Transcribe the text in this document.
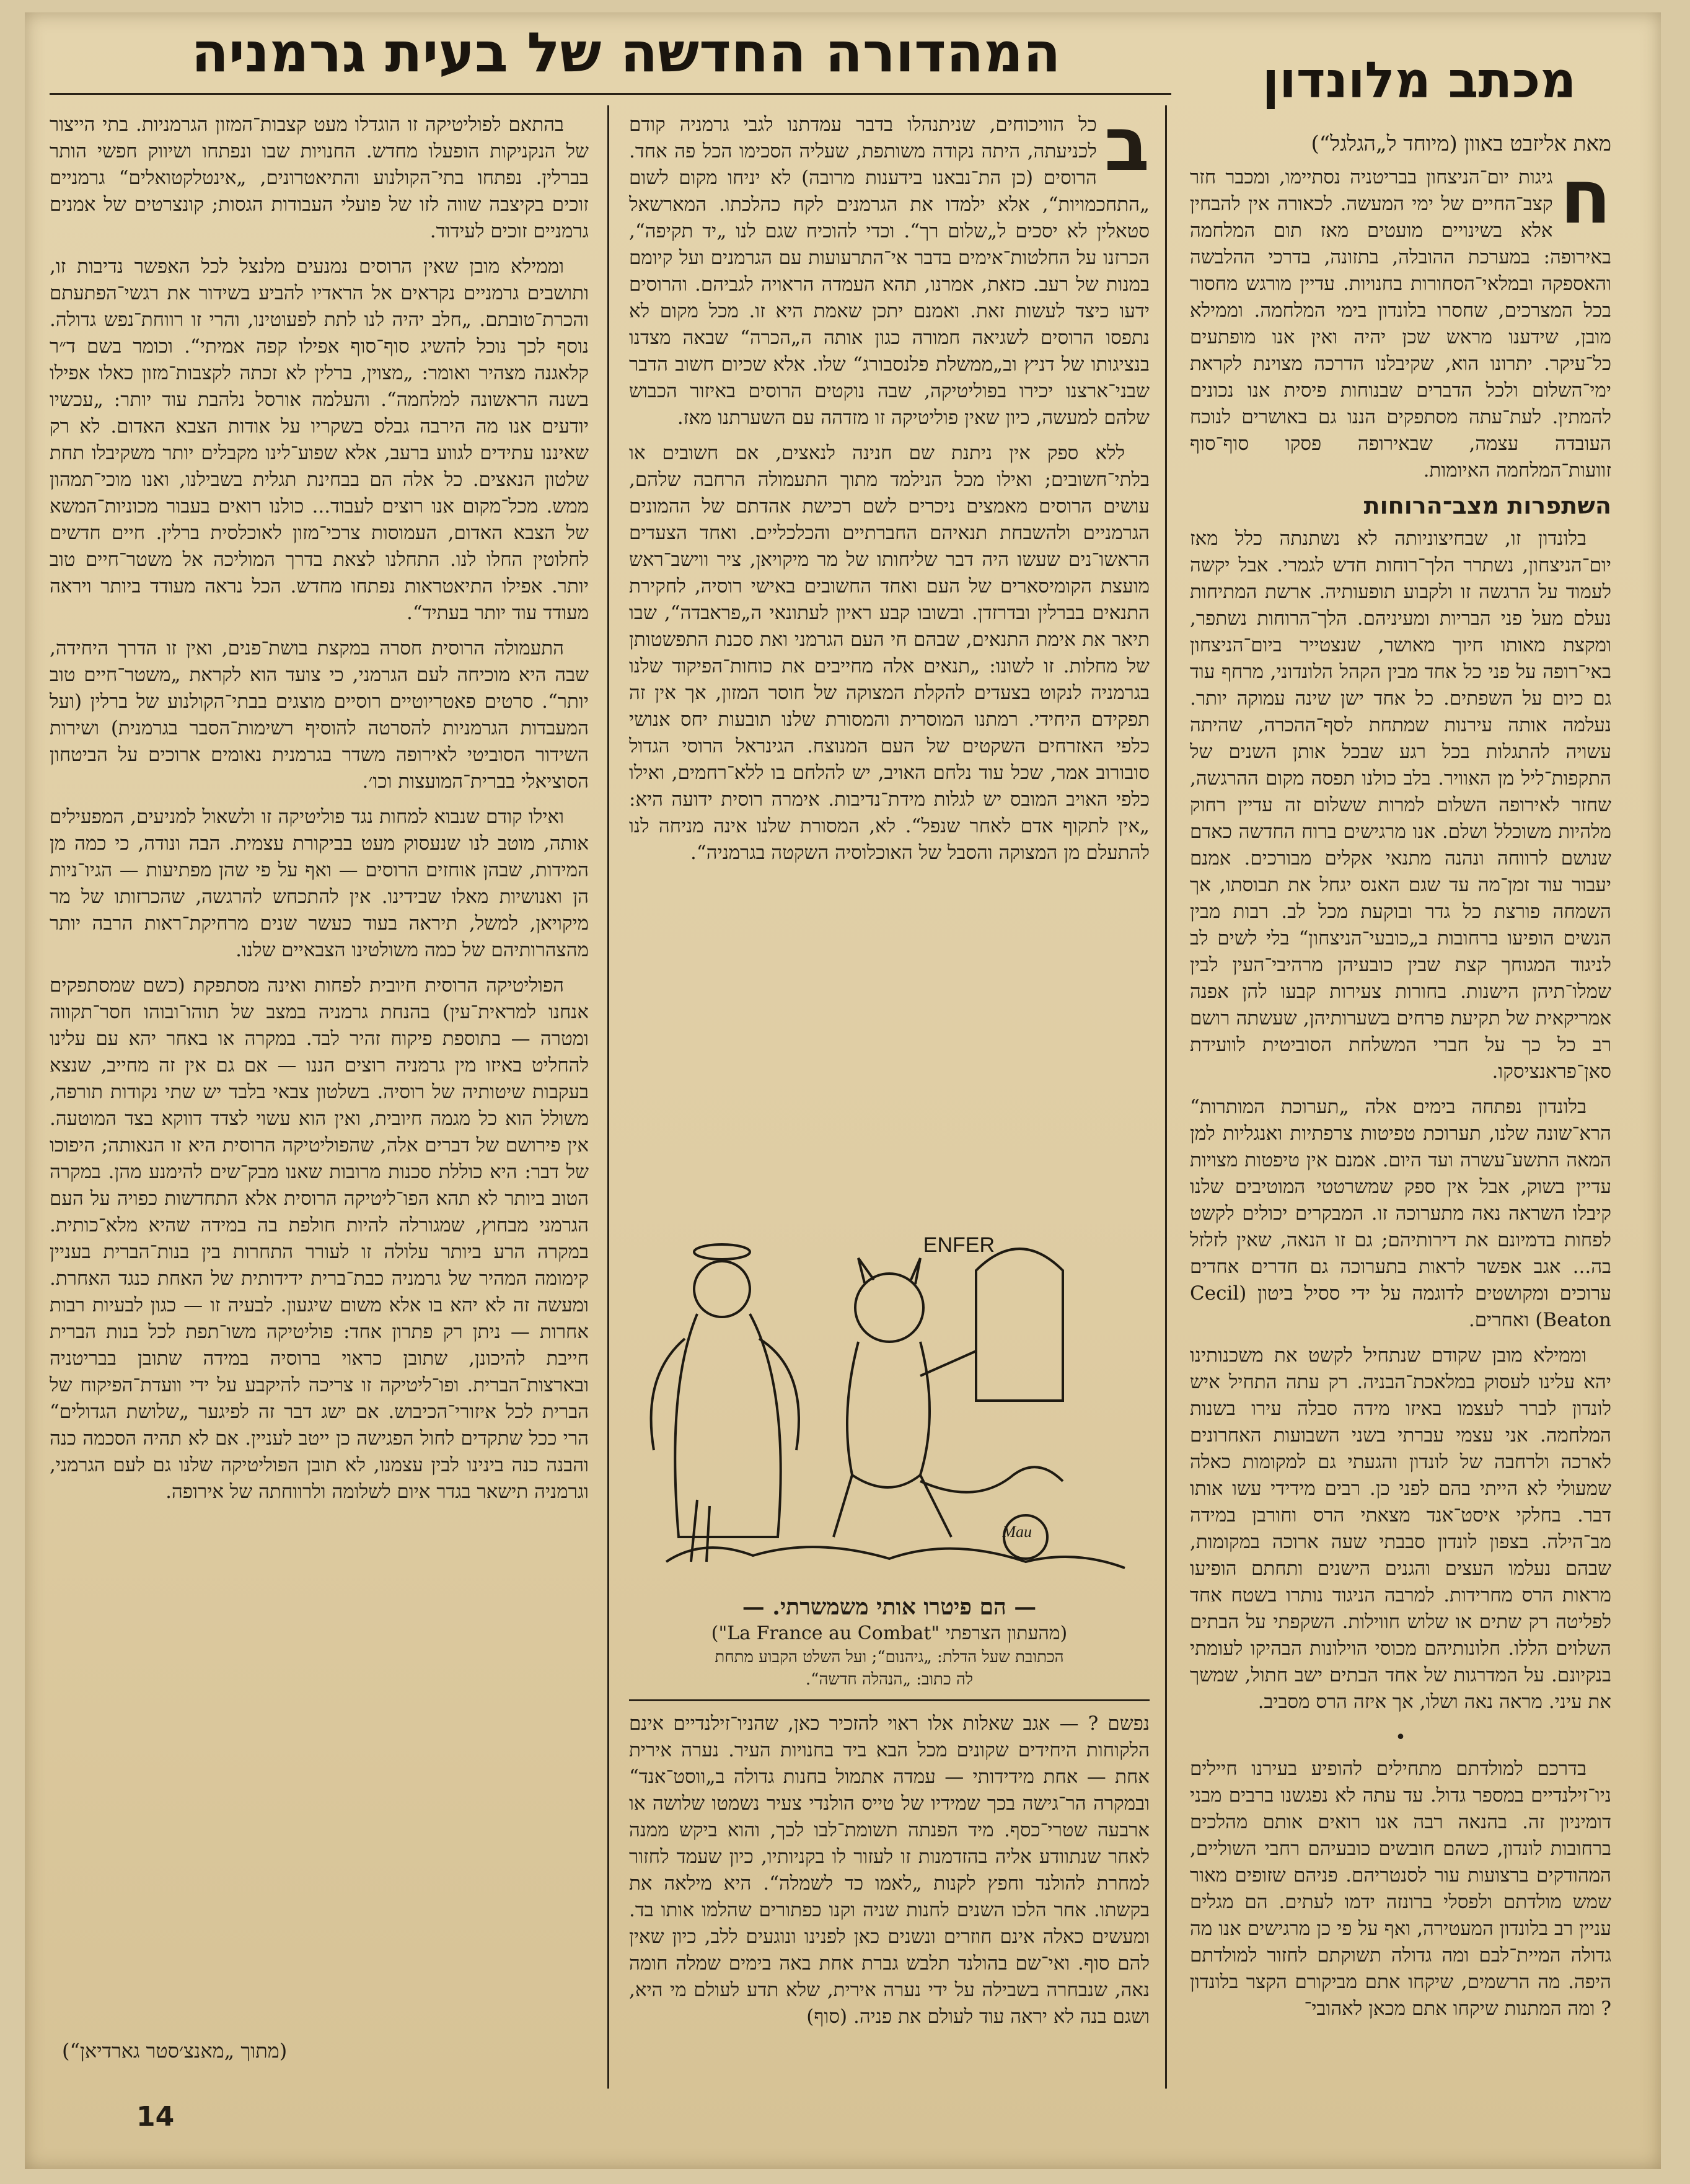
המהדורה החדשה של בעית גרמניה	מכתב מלונדון
מאת אליזבט באוון (מיוחד ל„הגלגל“)
ח

גיגות יום־הניצחון בבריטניה נסתיימו, ומכבר חזר קצב־החיים של ימי המעשה. לכאורה אין להבחין אלא בשינויים מועטים מאז תום המלחמה באירופה: במערכת ההובלה, בתזונה, בדרכי ההלבשה והאספקה ובמלאי־הסחורות בחנויות. עדיין מורגש מחסור בכל המצרכים, שחסרו בלונדון בימי המלחמה. וממילא מובן, שידענו מראש שכן יהיה ואין אנו מופתעים כל־עיקר. יתרונו הוא, שקיבלנו הדרכה מצוינת לקראת ימי־השלום ולכל הדברים שבנוחות פיסית אנו נכונים להמתין. לעת־עתה מסתפקים הננו גם באושרים לנוכח העובדה עצמה, שבאירופה פסקו סוף־סוף זוועות־המלחמה האיומות.

השתפרות מצב־הרוחות

בלונדון זו, שבחיצוניותה לא נשתנתה כלל מאז יום־הניצחון, נשתרר הלך־רוחות חדש לגמרי. אבל יקשה לעמוד על הרגשה זו ולקבוע תופעותיה. ארשת המתיחות נעלם מעל פני הבריות ומעיניהם. הלך־הרוחות נשתפר, ומקצת מאותו חיוך מאושר, שנצטייר ביום־הניצחון באי־רופה על פני כל אחד מבין הקהל הלונדוני, מרחף עוד גם כיום על השפתים. כל אחד ישן שינה עמוקה יותר. נעלמה אותה עירנות שמתחת לסף־ההכרה, שהיתה עשויה להתגלות בכל רגע שבכל אותן השנים של התקפות־ליל מן האוויר. בלב כולנו תפסה מקום ההרגשה, שחזר לאירופה השלום למרות ששלום זה עדיין רחוק מלהיות משוכלל ושלם. אנו מרגישים ברוח החדשה כאדם שנושם לרווחה ונהנה מתנאי אקלים מבורכים. אמנם יעבור עוד זמן־מה עד שגם האנס יגחל את תבוסתו, אך השמחה פורצת כל גדר ובוקעת מכל לב. רבות מבין הנשים הופיעו ברחובות ב„כובעי־הניצחון“ בלי לשים לב לניגוד המגוחך קצת שבין כובעיהן מרהיבי־העין לבין שמלו־תיהן הישנות. בחורות צעירות קבעו להן אפנה אמריקאית של תקיעת פרחים בשערותיהן, שעשתה רושם רב כל כך על חברי המשלחת הסוביטית לוועידת סאן־פראנציסקו.

בלונדון נפתחה בימים אלה „תערוכת המותרות“ הרא־שונה שלנו, תערוכת טפיטות צרפתיות ואנגליות למן המאה התשע־עשרה ועד היום. אמנם אין טיפטות מצויות עדיין בשוק, אבל אין ספק שמשרטטי המוטיבים שלנו קיבלו השראה נאה מתערוכה זו. המבקרים יכולים לקשט לפחות בדמיונם את דירותיהם; גם זו הנאה, שאין לזלזל בה... אגב אפשר לראות בתערוכה גם חדרים אחדים ערוכים ומקושטים לדוגמה על ידי ססיל ביטון (Cecil Beaton) ואחרים.

וממילא מובן שקודם שנתחיל לקשט את משכנותינו יהא עלינו לעסוק במלאכת־הבניה. רק עתה התחיל איש לונדון לברר לעצמו באיזו מידה סבלה עירו בשנות המלחמה. אני עצמי עברתי בשני השבועות האחרונים לארכה ולרחבה של לונדון והגעתי גם למקומות כאלה שמעולי לא הייתי בהם לפני כן. רבים מידידי עשו אותו דבר. בחלקי איסט־אנד מצאתי הרס וחורבן במידה מב־הילה. בצפון לונדון סבבתי שעה ארוכה במקומות, שבהם נעלמו העצים והגנים הישנים ותחתם הופיעו מראות הרס מחרידות. למרבה הניגוד נותרו בשטח אחד לפליטה רק שתים או שלוש חווילות. השקפתי על הבתים השלוים הללו. חלונותיהם מכוסי הוילונות הבהיקו לעומתי בנקיונם. על המדרגות של אחד הבתים ישב חתול, שמשך את עיני. מראה נאה ושלו, אך איזה הרס מסביב.

•

בדרכם למולדתם מתחילים להופיע בעירנו חיילים ניו־זילנדיים במספר גדול. עד עתה לא נפגשנו ברבים מבני דומיניון זה. בהנאה רבה אנו רואים אותם מהלכים ברחובות לונדון, כשהם חובשים כובעיהם רחבי השוליים, המהודקים ברצועות עור לסנטריהם. פניהם שזופים מאור שמש מולדתם ולפסלי ברונזה ידמו לעתים. הם מגלים עניין רב בלונדון המעטירה, ואף על פי כן מרגישים אנו מה גדולה המיית־לבם ומה גדולה תשוקתם לחזור למולדתם היפה. מה הרשמים, שיקחו אתם מביקורם הקצר בלונדון ? ומה המתנות שיקחו אתם מכאן לאהובי־

ב

כל הוויכוחים, שניתנהלו בדבר עמדתנו לגבי גרמניה קודם לכניעתה, היתה נקודה משותפת, שעליה הסכימו הכל פה אחד. הרוסים (כן הת־נבאנו בידענות מרובה) לא יניחו מקום לשום „התחכמויות“, אלא ילמדו את הגרמנים לקח כהלכתו. המארשאל סטאלין לא יסכים ל„שלום רך“. וכדי להוכיח שגם לנו „יד תקיפה“, הכרזנו על החלטות־אימים בדבר אי־התרעועות עם הגרמנים ועל קיומם במנות של רעב. כזאת, אמרנו, תהא העמדה הראויה לגביהם. והרוסים ידעו כיצד לעשות זאת. ואמנם יתכן שאמת היא זו. מכל מקום לא נתפסו הרוסים לשגיאה חמורה כגון אותה ה„הכרה“ שבאה מצדנו בנציגותו של דניץ וב„ממשלת פלנסבורג“ שלו. אלא שכיום חשוב הדבר שבני־ארצנו יכירו בפוליטיקה, שבה נוקטים הרוסים באיזור הכבוש שלהם למעשה, כיון שאין פוליטיקה זו מזדהה עם השערתנו מאז.

ללא ספק אין ניתנת שם חנינה לנאצים, אם חשובים או בלתי־חשובים; ואילו מכל הנילמד מתוך התעמולה הרחבה שלהם, עושים הרוסים מאמצים ניכרים לשם רכישת אהדתם של ההמונים הגרמניים ולהשבחת תנאיהם החברתיים והכלכליים. ואחד הצעדים הראשו־נים שעשו היה דבר שליחותו של מר מיקויאן, ציר ווישב־ראש מועצת הקומיסארים של העם ואחד החשובים באישי רוסיה, לחקירת התנאים בברלין ובדרזדן. ובשובו קבע ראיון לעתונאי ה„פראבדה“, שבו תיאר את אימת התנאים, שבהם חי העם הגרמני ואת סכנת התפשטותן של מחלות. זו לשונו: „תנאים אלה מחייבים את כוחות־הפיקוד שלנו בגרמניה לנקוט בצעדים להקלת המצוקה של חוסר המזון, אך אין זה תפקידם היחידי. רמתנו המוסרית והמסורת שלנו תובעות יחס אנושי כלפי האזרחים השקטים של העם המנוצח. הגינראל הרוסי הגדול סובורוב אמר, שכל עוד נלחם האויב, יש להלחם בו ללא־רחמים, ואילו כלפי האויב המובס יש לגלות מידת־נדיבות. אימרה רוסית ידועה היא: „אין לתקוף אדם לאחר שנפל“. לא, המסורת שלנו אינה מניחה לנו להתעלם מן המצוקה והסבל של האוכלוסיה השקטה בגרמניה“.

ENFER
Mau
— הם פיטרו אותי משמשרתי. —
(מהעתון הצרפתי "La France au Combat")
הכתובת שעל הדלת: „גיהנום“; ועל השלט הקבוע מתחת
לה כתוב: „הנהלה חדשה“.

נפשם ? — אגב שאלות אלו ראוי להזכיר כאן, שהניו־זילנדיים אינם הלקוחות היחידים שקונים מכל הבא ביד בחנויות העיר. נערה אירית אחת — אחת מידידותי — עמדה אתמול בחנות גדולה ב„ווסט־אנד“ ובמקרה הר־גישה בכך שמידיו של טייס הולנדי צעיר נשמטו שלושה או ארבעה שטרי־כסף. מיד הפנתה תשומת־לבו לכך, והוא ביקש ממנה לאחר שנתוודע אליה בהזדמנות זו לעזור לו בקניותיו, כיון שעמד לחזור למחרת להולנד וחפץ לקנות „לאמו כד לשמלה“. היא מילאה את בקשתו. אחר הלכו השנים לחנות שניה וקנו כפתורים שהלמו אותו בד. ומעשים כאלה אינם חוזרים ונשנים כאן לפנינו ונוגעים ללב, כיון שאין להם סוף. ואי־שם בהולנד תלבש גברת אחת באה בימים שמלה חומה נאה, שנבחרה בשבילה על ידי נערה אירית, שלא תדע לעולם מי היא, ושגם בנה לא יראה עוד לעולם את פניה. (סוף)

בהתאם לפוליטיקה זו הוגדלו מעט קצבות־המזון הגרמניות. בתי הייצור של הנקניקות הופעלו מחדש. החנויות שבו ונפתחו ושיווק חפשי הותר בברלין. נפתחו בתי־הקולנוע והתיאטרונים, „אינטלקטואלים“ גרמניים זוכים בקיצבה שווה לזו של פועלי העבודות הגסות; קונצרטים של אמנים גרמניים זוכים לעידוד.

וממילא מובן שאין הרוסים נמנעים מלנצל לכל האפשר נדיבות זו, ותושבים גרמניים נקראים אל הראדיו להביע בשידור את רגשי־הפתעתם והכרת־טובתם. „חלב יהיה לנו לתת לפעוטינו, והרי זו רווחת־נפש גדולה. נוסף לכך נוכל להשיג סוף־סוף אפילו קפה אמיתי“. וכומר בשם ד״ר קלאגנה מצהיר ואומר: „מצוין, ברלין לא זכתה לקצבות־מזון כאלו אפילו בשנה הראשונה למלחמה“. והעלמה אורסל נלהבת עוד יותר: „עכשיו יודעים אנו מה הירבה גבלס בשקריו על אודות הצבא האדום. לא רק שאיננו עתידים לגווע ברעב, אלא שפוע־לינו מקבלים יותר משקיבלו תחת שלטון הנאצים. כל אלה הם בבחינת תגלית בשבילנו, ואנו מוכי־תמהון ממש. מכל־מקום אנו רוצים לעבוד... כולנו רואים בעבור מכוניות־המשא של הצבא האדום, העמוסות צרכי־מזון לאוכלסית ברלין. חיים חדשים לחלוטין החלו לנו. התחלנו לצאת בדרך המוליכה אל משטר־חיים טוב יותר. אפילו התיאטראות נפתחו מחדש. הכל נראה מעודד ביותר ויראה מעודד עוד יותר בעתיד“.

התעמולה הרוסית חסרה במקצת בושת־פנים, ואין זו הדרך היחידה, שבה היא מוכיחה לעם הגרמני, כי צועד הוא לקראת „משטר־חיים טוב יותר“. סרטים פאטריוטיים רוסיים מוצגים בבתי־הקולנוע של ברלין (ועל המעבדות הגרמניות להסרטה להוסיף רשימות־הסבר בגרמנית) ושירות השידור הסוביטי לאירופה משדר בגרמנית נאומים ארוכים על הביטחון הסוציאלי בברית־המועצות וכו׳.

ואילו קודם שנבוא למחות נגד פוליטיקה זו ולשאול למניעים, המפעילים אותה, מוטב לנו שנעסוק מעט בביקורת עצמית. הבה ונודה, כי כמה מן המידות, שבהן אוחזים הרוסים — ואף על פי שהן מפתיעות — הגיו־ניות הן ואנושיות מאלו שבידינו. אין להתכחש להרגשה, שהכרזותו של מר מיקויאן, למשל, תיראה בעוד כעשר שנים מרחיקת־ראות הרבה יותר מהצהרותיהם של כמה משולטינו הצבאיים שלנו.

הפוליטיקה הרוסית חיובית לפחות ואינה מסתפקת (כשם שמסתפקים אנחנו למראית־עין) בהנחת גרמניה במצב של תוהו־ובוהו חסר־תקווה ומטרה — בתוספת פיקוח זהיר לבד. במקרה או באחר יהא עם עלינו להחליט באיזו מין גרמניה רוצים הננו — אם גם אין זה מחייב, שנצא בעקבות שיטותיה של רוסיה. בשלטון צבאי בלבד יש שתי נקודות תורפה, משולל הוא כל מגמה חיובית, ואין הוא עשוי לצדד דווקא בצד המוטעה. אין פירושם של דברים אלה, שהפוליטיקה הרוסית היא זו הנאותה; היפוכו של דבר: היא כוללת סכנות מרובות שאנו מבק־שים להימנע מהן. במקרה הטוב ביותר לא תהא הפו־ליטיקה הרוסית אלא התחדשות כפויה על העם הגרמני מבחוץ, שמגורלה להיות חולפת בה במידה שהיא מלא־כותית. במקרה הרע ביותר עלולה זו לעורר התחרות בין בנות־הברית בעניין קימומה המהיר של גרמניה כבת־ברית ידידותית של האחת כנגד האחרת. ומעשה זה לא יהא בו אלא משום שיגעון. לבעיה זו — כגון לבעיות רבות אחרות — ניתן רק פתרון אחד: פוליטיקה משו־תפת לכל בנות הברית חייבת להיכונן, שתובן כראוי ברוסיה במידה שתובן בבריטניה ובארצות־הברית. ופו־ליטיקה זו צריכה להיקבע על ידי וועדת־הפיקוח של הברית לכל איזורי־הכיבוש. אם ישג דבר זה לפיגער „שלושת הגדולים“ הרי ככל שתקדים לחול הפגישה כן ייטב לעניין. אם לא תהיה הסכמה כנה והבנה כנה בינינו לבין עצמנו, לא תובן הפוליטיקה שלנו גם לעם הגרמני, וגרמניה תישאר בגדר איום לשלומה ולרווחתה של אירופה.

(מתוך „מאנצ׳סטר גארדיאן“)
14
